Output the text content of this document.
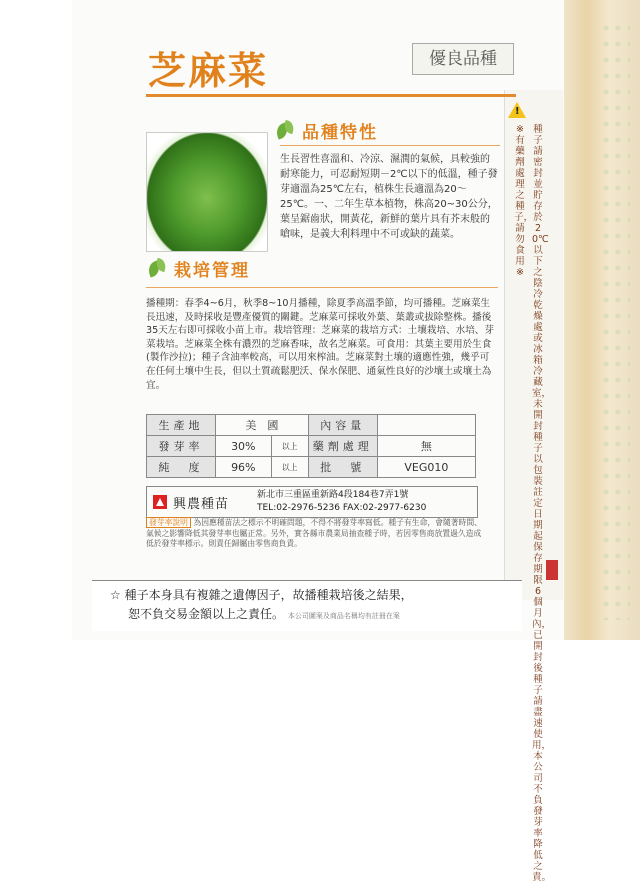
芝麻菜	優良品種
品種特性
生長習性喜溫和、冷涼、濕潤的氣候，具較強的耐寒能力，可忍耐短期－2℃以下的低溫，種子發芽適溫為25℃左右，植株生長適溫為20～25℃。一、二年生草本植物，株高20~30公分，葉呈鋸齒狀，開黃花，新鮮的葉片具有芥末般的嗆味，是義大利料理中不可或缺的蔬菜。
栽培管理
播種期：春季4~6月，秋季8~10月播種，除夏季高溫季節，均可播種。芝麻菜生長迅速，及時採收是豐產優質的關鍵。芝麻菜可採收外葉、葉叢或拔除整株。播後35天左右即可採收小苗上市。栽培管理：芝麻菜的栽培方式：土壤栽培、水培、芽菜栽培。芝麻菜全株有濃烈的芝麻香味，故名芝麻菜。可食用：其葉主要用於生食(製作沙拉)；種子含油率較高，可以用來榨油。芝麻菜對土壤的適應性強，幾乎可在任何土壤中生長，但以土質疏鬆肥沃、保水保肥、通氣性良好的沙壤土或壤土為宜。
生產地	美　國		內容量	
發芽率	30%	以上	藥劑處理	無
純　度	96%	以上	批　號	VEG010
興農種苗
新北市三重區重新路4段184巷7弄1號
TEL:02-2976-5236 FAX:02-2977-6230
發芽率說明 為因應種苗法之標示不明確問題，不得不將發芽率寫低。種子有生命，會隨著時間、氣候之影響降低其發芽率也屬正常。另外，實各縣市農業局抽查種子時，若因零售商放置過久造成低於發芽率標示。則責任歸屬由零售商負責。
☆ 種子本身具有複雜之遺傳因子，故播種栽培後之結果，
恕不負交易金額以上之責任。 本公司圖案及商品名稱均有註冊在案
!
種子請密封並貯存於20℃以下之陰冷乾燥處或冰箱冷藏室，未開封種子以包裝註定日期起保存期限6個月內，已開封後種子請盡速使用，本公司不負發芽率降低之責。
※有藥劑處理之種子，請勿食用※
